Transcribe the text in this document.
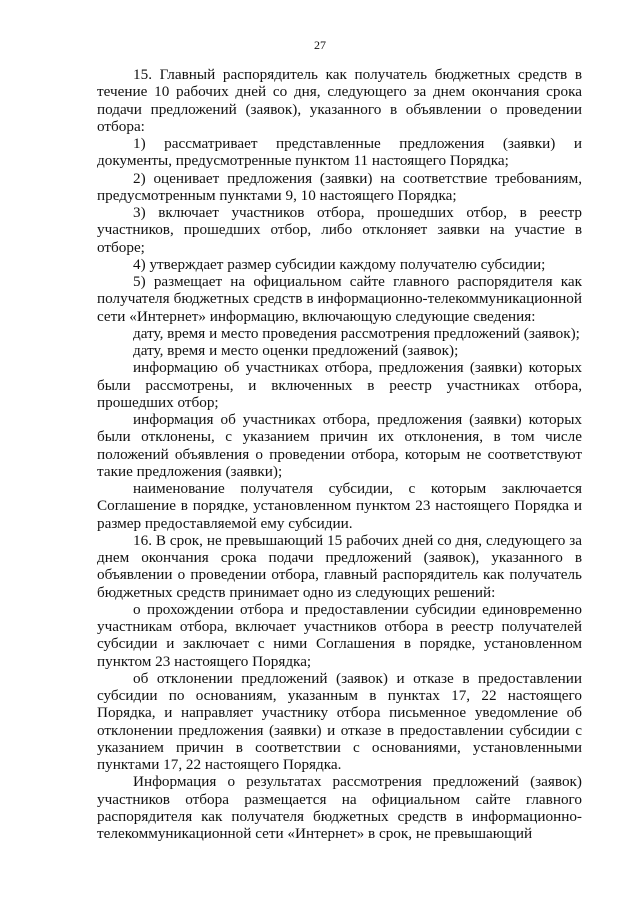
27

15. Главный распорядитель как получатель бюджетных средств в течение 10 рабочих дней со дня, следующего за днем окончания срока подачи предложений (заявок), указанного в объявлении о проведении отбора:

1) рассматривает представленные предложения (заявки) и документы, предусмотренные пунктом 11 настоящего Порядка;

2) оценивает предложения (заявки) на соответствие требованиям, предусмотренным пунктами 9, 10 настоящего Порядка;

3) включает участников отбора, прошедших отбор, в реестр участников, прошедших отбор, либо отклоняет заявки на участие в отборе;

4) утверждает размер субсидии каждому получателю субсидии;

5) размещает на официальном сайте главного распорядителя как получателя бюджетных средств в информационно-телекоммуникационной сети «Интернет» информацию, включающую следующие сведения:

дату, время и место проведения рассмотрения предложений (заявок);

дату, время и место оценки предложений (заявок);

информацию об участниках отбора, предложения (заявки) которых были рассмотрены, и включенных в реестр участниках отбора, прошедших отбор;

информация об участниках отбора, предложения (заявки) которых были отклонены, с указанием причин их отклонения, в том числе положений объявления о проведении отбора, которым не соответствуют такие предложения (заявки);

наименование получателя субсидии, с которым заключается Соглашение в порядке, установленном пунктом 23 настоящего Порядка и размер предоставляемой ему субсидии.

16. В срок, не превышающий 15 рабочих дней со дня, следующего за днем окончания срока подачи предложений (заявок), указанного в объявлении о проведении отбора, главный распорядитель как получатель бюджетных средств принимает одно из следующих решений:

о прохождении отбора и предоставлении субсидии единовременно участникам отбора, включает участников отбора в реестр получателей субсидии и заключает с ними Соглашения в порядке, установленном пунктом 23 настоящего Порядка;

об отклонении предложений (заявок) и отказе в предоставлении субсидии по основаниям, указанным в пунктах 17, 22 настоящего Порядка, и направляет участнику отбора письменное уведомление об отклонении предложения (заявки) и отказе в предоставлении субсидии с указанием причин в соответствии с основаниями, установленными пунктами 17, 22 настоящего Порядка.

Информация о результатах рассмотрения предложений (заявок) участников отбора размещается на официальном сайте главного распорядителя как получателя бюджетных средств в информационно-телекоммуникационной сети «Интернет» в срок, не превышающий
